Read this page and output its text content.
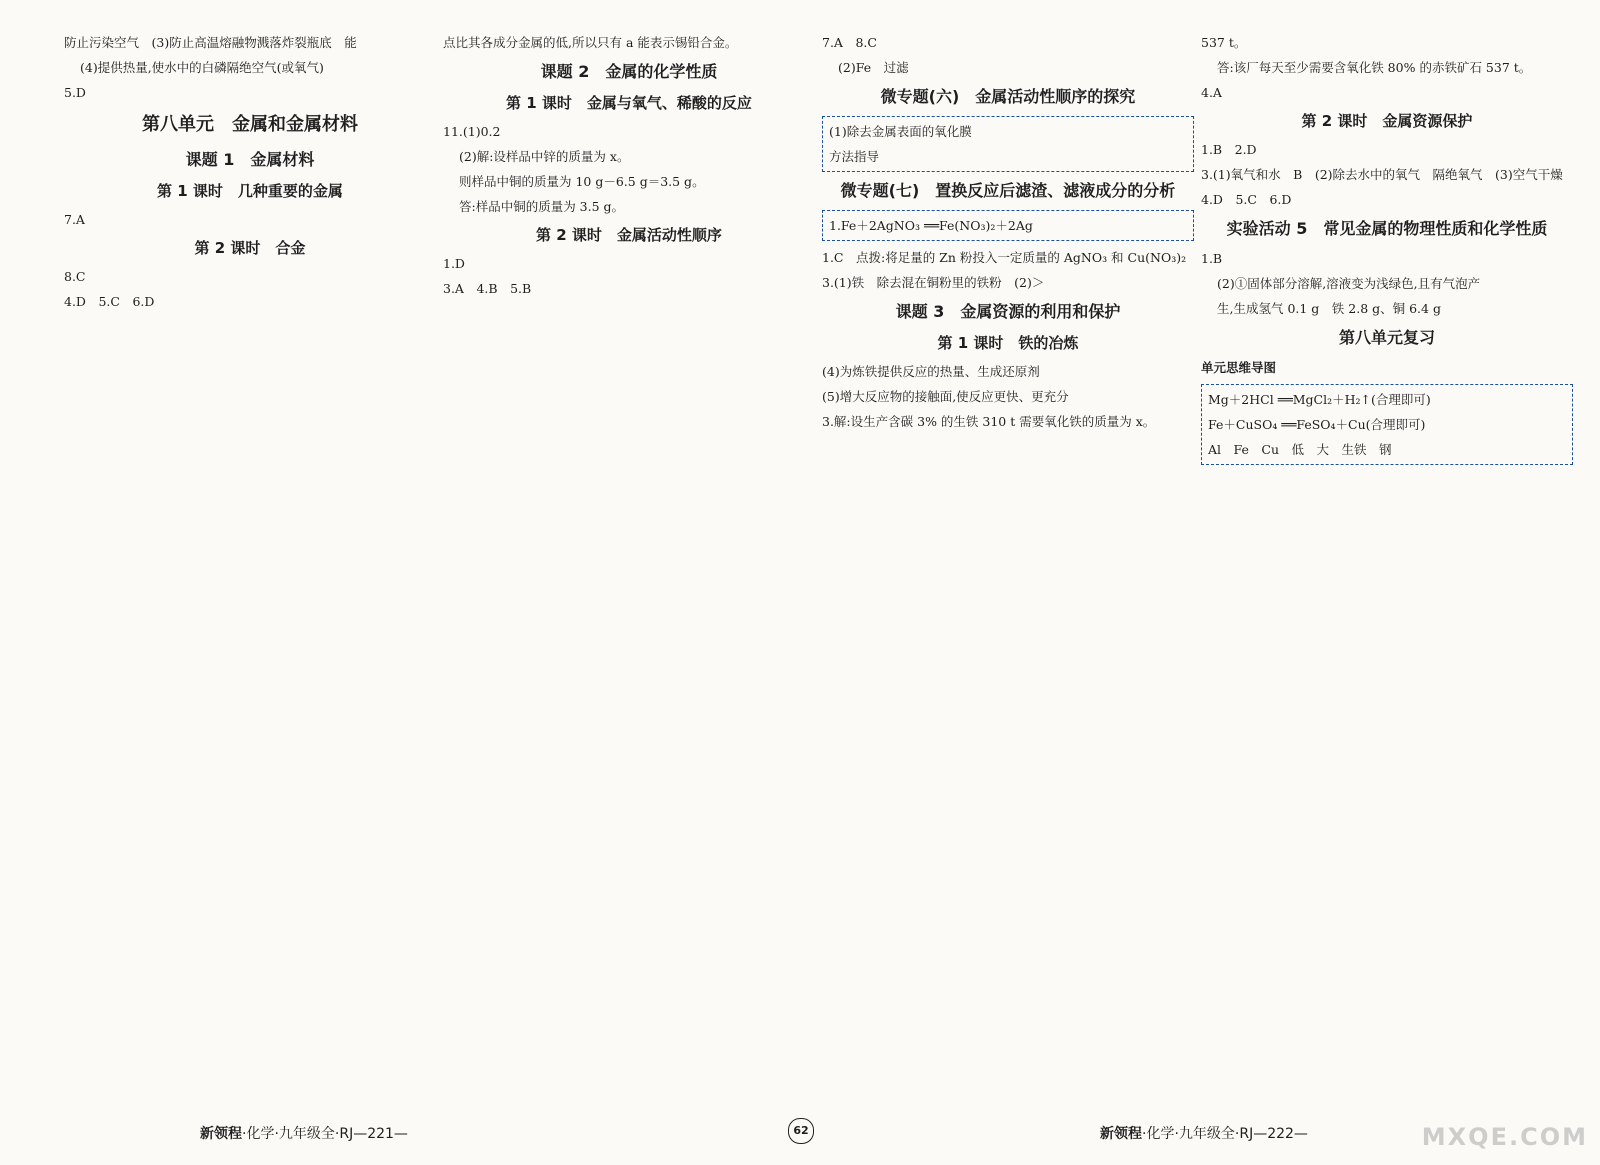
防止污染空气　(3)防止高温熔融物溅落炸裂瓶底　能
(4)提供热量,使水中的白磷隔绝空气(或氧气)
5.D
第八单元　金属和金属材料
课题 1　金属材料
第 1 课时　几种重要的金属
7.A
第 2 课时　合金
8.C
4.D　5.C　6.D
点比其各成分金属的低,所以只有 a 能表示锡铅合金。
课题 2　金属的化学性质
第 1 课时　金属与氧气、稀酸的反应
11.(1)0.2
(2)解:设样品中锌的质量为 x。
则样品中铜的质量为 10 g－6.5 g＝3.5 g。
答:样品中铜的质量为 3.5 g。
第 2 课时　金属活动性顺序
1.D
3.A　4.B　5.B
7.A　8.C
(2)Fe　过滤
微专题(六)　金属活动性顺序的探究
(1)除去金属表面的氧化膜
方法指导
微专题(七)　置换反应后滤渣、滤液成分的分析
1.Fe＋2AgNO₃ ══Fe(NO₃)₂＋2Ag
1.C　点拨:将足量的 Zn 粉投入一定质量的 AgNO₃ 和 Cu(NO₃)₂
3.(1)铁　除去混在铜粉里的铁粉　(2)＞
课题 3　金属资源的利用和保护
第 1 课时　铁的冶炼
(4)为炼铁提供反应的热量、生成还原剂
(5)增大反应物的接触面,使反应更快、更充分
3.解:设生产含碳 3% 的生铁 310 t 需要氧化铁的质量为 x。
537 t。
答:该厂每天至少需要含氧化铁 80% 的赤铁矿石 537 t。
4.A
第 2 课时　金属资源保护
1.B　2.D
3.(1)氧气和水　B　(2)除去水中的氧气　隔绝氧气　(3)空气干燥
4.D　5.C　6.D
实验活动 5　常见金属的物理性质和化学性质
1.B
(2)①固体部分溶解,溶液变为浅绿色,且有气泡产
生,生成氢气 0.1 g　铁 2.8 g、铜 6.4 g
第八单元复习
单元思维导图
Mg＋2HCl ══MgCl₂＋H₂↑(合理即可)
Fe＋CuSO₄ ══FeSO₄＋Cu(合理即可)
Al　Fe　Cu　低　大　生铁　钢
新领程·化学·九年级全·RJ—221—	62	新领程·化学·九年级全·RJ—222—	MXQE.COM
